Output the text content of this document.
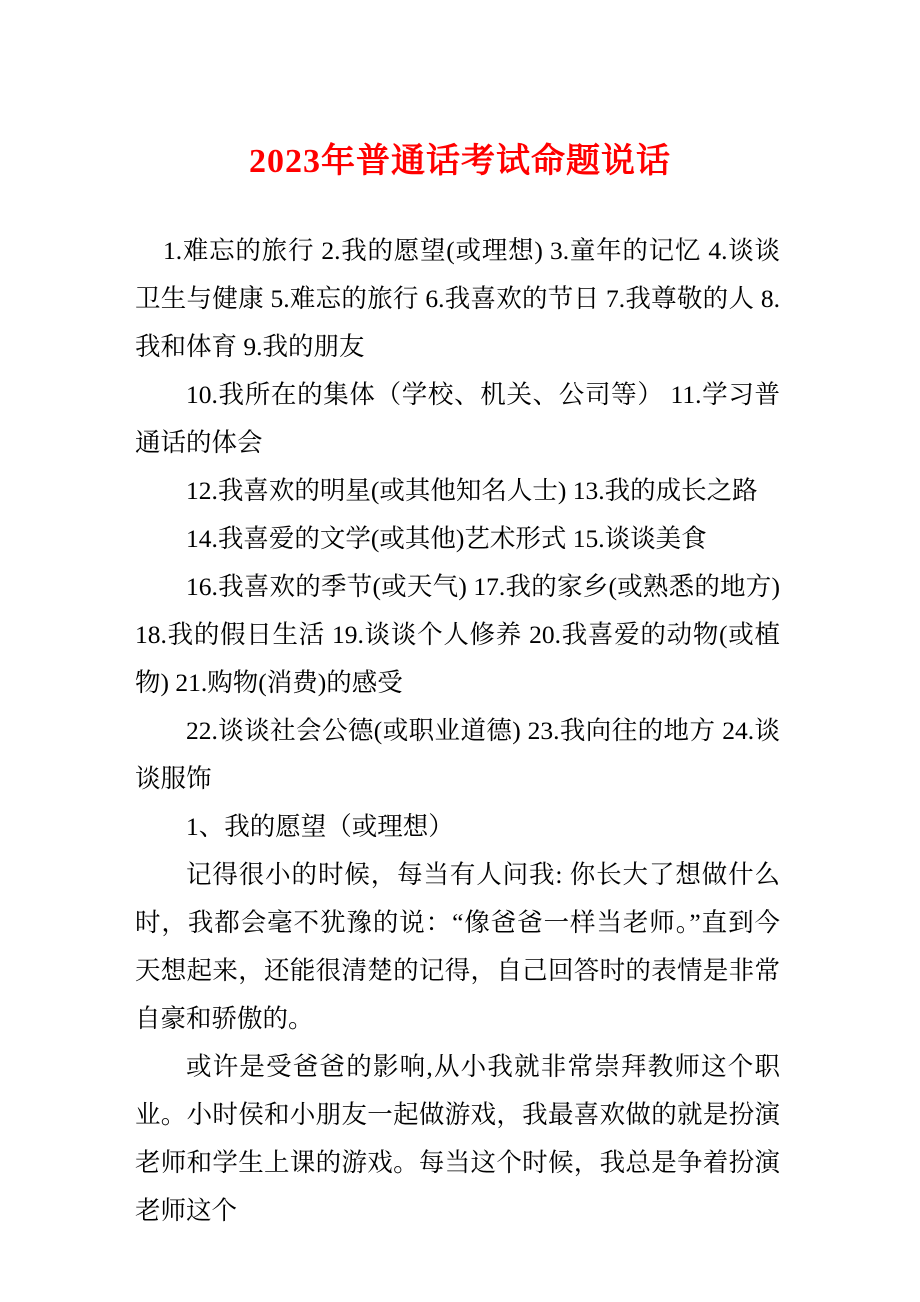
2023年普通话考试命题说话

1.难忘的旅行 2.我的愿望(或理想) 3.童年的记忆 4.谈谈卫生与健康 5.难忘的旅行 6.我喜欢的节日 7.我尊敬的人 8.我和体育 9.我的朋友

10.我所在的集体（学校、机关、公司等） 11.学习普通话的体会

12.我喜欢的明星(或其他知名人士) 13.我的成长之路

14.我喜爱的文学(或其他)艺术形式 15.谈谈美食

16.我喜欢的季节(或天气) 17.我的家乡(或熟悉的地方) 18.我的假日生活 19.谈谈个人修养 20.我喜爱的动物(或植物) 21.购物(消费)的感受

22.谈谈社会公德(或职业道德) 23.我向往的地方 24.谈谈服饰

1、我的愿望（或理想）

记得很小的时候，每当有人问我: 你长大了想做什么时，我都会毫不犹豫的说：“像爸爸一样当老师。”直到今天想起来，还能很清楚的记得，自己回答时的表情是非常自豪和骄傲的。

或许是受爸爸的影响,从小我就非常崇拜教师这个职业。小时侯和小朋友一起做游戏，我最喜欢做的就是扮演老师和学生上课的游戏。每当这个时候，我总是争着扮演老师这个
